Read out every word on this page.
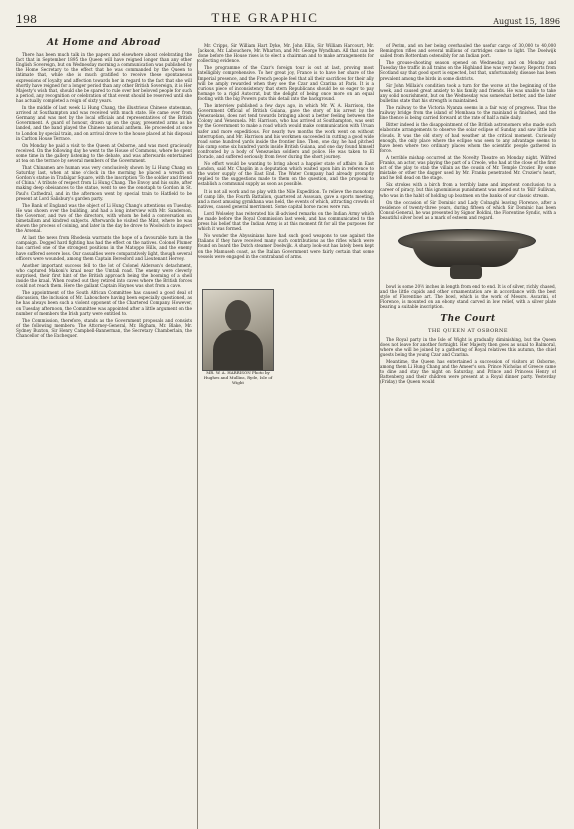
198	THE GRAPHIC	August 15, 1896
At Home and Abroad

There has been much talk in the papers and elsewhere about celebrating the fact that in September 1895 the Queen will have reigned longer than any other English Sovereign, but on Wednesday morning a communication was published by the Home Secretary to the effect that he was commanded by the Queen to intimate that, while she is much gratified to receive these spontaneous expressions of loyalty and affection towards her in regard to the fact that she will shortly have reigned for a longer period than any other British Sovereign, it is Her Majesty's wish that, should she be spared to rule over her beloved people for such a period, any recognition or celebration of that event should be reserved until she has actually completed a reign of sixty years.

In the middle of last week Li Hung Chang, the illustrious Chinese statesman, arrived at Southampton and was received with much state. He came over from Germany and was met by the local officials and representatives of the British Government. A guard of honour, drawn up on the quay, presented arms as he landed, and the band played the Chinese national anthem. He proceeded at once to London by special train, and on arrival drove to the house placed at his disposal in Carlton House Terrace.

On Monday he paid a visit to the Queen at Osborne, and was most graciously received. On the following day he went to the House of Commons, where he spent some time in the gallery listening to the debate, and was afterwards entertained at tea on the terrace by several members of the Government.

That Chinamen are human was very conclusively shown by Li Hung Chang on Saturday last, when at nine o'clock in the morning he placed a wreath on Gordon's statue in Trafalgar Square, with the inscription 'To the soldier and friend of China.' A tribute of respect from Li Hung Chang. The Envoy and his suite, after making deep obeisances to the statue, went to see the cenotaph to Gordon in St. Paul's Cathedral, and in the afternoon went by special train to Hatfield to be present at Lord Salisbury's garden party.

The Bank of England was the object of Li Hung Chang's attentions on Tuesday. He was shown over the building, and had a long interview with Mr. Sanderson, the Governor, and two of the directors, with whom he held a conversation on bimetallism and kindred subjects. Afterwards he visited the Mint, where he was shown the process of coining, and later in the day he drove to Woolwich to inspect the Arsenal.

At last the news from Rhodesia warrants the hope of a favourable turn in the campaign. Dogged hard fighting has had the effect on the natives. Colonel Plumer has carried one of the strongest positions in the Matoppo Hills, and the enemy have suffered severe loss. Our casualties were comparatively light, though several officers were wounded, among them Captain Beresford and Lieutenant Hervey.

Another important success fell to the lot of Colonel Alderson's detachment, who captured Makoni's kraal near the Umtali road. The enemy were cleverly surprised, their first hint of the British approach being the booming of a shell inside the kraal. When routed out they retired into caves where the British forces could not reach them. Here the gallant Captain Haynes was shot from a cave.

The appointment of the South African Committee has caused a good deal of discussion, the inclusion of Mr. Labouchere having been especially questioned, as he has always been such a violent opponent of the Chartered Company. However, on Tuesday afternoon, the Committee was appointed after a little argument on the number of members the Irish party were entitled to.

The Commission, therefore, stands as the Government proposals and consists of the following members: The Attorney-General, Mr. Bigham, Mr. Blake, Mr. Sydney Buxton, Sir Henry Campbell-Bannerman, the Secretary Chamberlain, the Chancellor of the Exchequer.

Mr. Cripps, Sir William Hart Dyke, Mr. John Ellis, Sir William Harcourt, Mr. Jackson, Mr. Labouchere, Mr. Wharton, and Mr. George Wyndham. All that can be done before the House rises is to elect a chairman and to make arrangements for collecting evidence.

The programme of the Czar's foreign tour is out at last, proving most intelligibly comprehensive. To her great joy, France is to have her share of the Imperial presence, and the French people feel that all their sacrifices for their ally will be amply rewarded when they see the Czar and Czarina at Paris. It is a curious piece of inconsistency that stern Republicans should be so eager to pay homage to a rigid Autocrat, but the delight of being once more on an equal footing with the big Powers puts this detail into the background.

The interview published a few days ago, in which Mr. W. A. Harrison, the Government Official of British Guiana, gave the story of his arrest by the Venezuelans, does not tend towards bringing about a better feeling between the Colony and Venezuela. Mr. Harrison, who has arrived at Southampton, was sent by the Government to make a road which would make communication with Uruan safer and more expeditious. For nearly two months the work went on without interruption, and Mr. Harrison and his workmen succeeded in cutting a good wide road some hundred yards inside the frontier line. Then, one day, he had pitched his camp some six hundred yards inside British Guiana, and one day found himself confronted by a body of Venezuelan soldiers and police. He was taken to El Dorado, and suffered seriously from fever during the short journey.

No effort would be wanting to bring about a happier state of affairs in East London, said Mr. Chaplin in a deputation which waited upon him in reference to the water supply of the East End. The Water Company had already promptly replied to the suggestions made to them on the question, and the proposal to establish a communal supply as soon as possible.

It is not all work and no play with the Nile Expedition. To relieve the monotony of camp life, the Fourth Battalion, quartered at Assouan, gave a sports meeting, and a most amusing gymkhana was held, the events of which, attracting crowds of natives, caused general merriment. Some capital horse races were run.

Lord Wolseley has reiterated his ill-advised remarks on the Indian Army which he made before the Royal Commission last week, and has communicated to the press his belief that the Indian Army is at this moment fit for all the purposes for which it was formed.

No wonder the Abyssinians have had such good weapons to use against the Italians if they have received many such contributions as the rifles which were found on board the Dutch steamer Doelwijk. A sharp look-out has lately been kept on the Mamuseh coast, as the Italian Government were fairly certain that some vessels were engaged in the contraband of arms.

MR. W. A. HARRISON Photo by Hughes and Mullins, Ryde, Isle of Wight

of Perim, and on her being overhauled the usefur cargo of 30,000 to 40,000 Remington rifles and several millions of cartridges came to light. The Doelwijk sailed from Rotterdam ostensibly for an Indian port.

The grouse-shooting season opened on Wednesday, and on Monday and Tuesday the traffic in all trains on the Highland line was very heavy. Reports from Scotland say that good sport is expected, but that, unfortunately, disease has been prevalent among the birds in some districts.

Sir John Millais's condition took a turn for the worse at the beginning of the week, and caused great anxiety to his family and friends. He was unable to take any solid nourishment, but on the Wednesday was somewhat better, and the later bulletins state that his strength is maintained.

The railway to the Victoria Nyanza seems in a fair way of progress. Thus the railway bridge from the island of Mombasa to the mainland is finished, and the line thence is being carried forward at the rate of half a mile daily.

Bitter indeed is the disappointment of the British astronomers who made such elaborate arrangements to observe the solar eclipse of Sunday and saw little but clouds. It was the old story of bad weather at the critical moment. Curiously enough, the only place where the eclipse was seen to any advantage seems to have been where two ordinary places whom the scientific people gathered in force.

A terrible mishap occurred at the Novelty Theatre on Monday night. Wilfred Franks, an actor, was playing the part of a Creole, who had at the close of the first act of the play to stab the villain as the cousin of Mr. Temple Crozier. By some mistake or other the dagger used by Mr. Franks penetrated Mr. Crozier's heart, and he fell dead on the stage.

Six strokes with a birch from a terribly lame and impotent conclusion to a career of piracy, but this ignominious punishment was meted out to 'Bill' Sullivan, who was in the habit of holding up boatmen on the banks of our classic stream.

On the occasion of Sir Dominic and Lady Colnaghi leaving Florence, after a residence of twenty-three years, during fifteen of which Sir Dominic has been Consul-General, he was presented by Signor Boldini, the Florentine Syndic, with a beautiful silver bowl as a mark of esteem and regard.

bowl is some 20½ inches in length from end to end. It is of silver, richly chased, and the little cupids and other ornamentation are in accordance with the best style of Florentine art. The bowl, which is the work of Messrs. Ascarini, of Florence, is mounted on an ebony stand carved in low relief, with a silver plate bearing a suitable inscription.

The Court
THE QUEEN AT OSBORNE

The Royal party in the Isle of Wight is gradually diminishing, but the Queen does not leave for another fortnight. Her Majesty then goes as usual to Balmoral, where she will be joined by a gathering of Royal relatives this autumn, the chief guests being the young Czar and Czarina.

Meantime, the Queen has entertained a succession of visitors at Osborne, among them Li Hung Chang and the Ameer's son. Prince Nicholas of Greece came to dine and stay the night on Saturday, and Prince and Princess Henry of Battenberg and their children were present at a Royal dinner party. Yesterday (Friday) the Queen would
